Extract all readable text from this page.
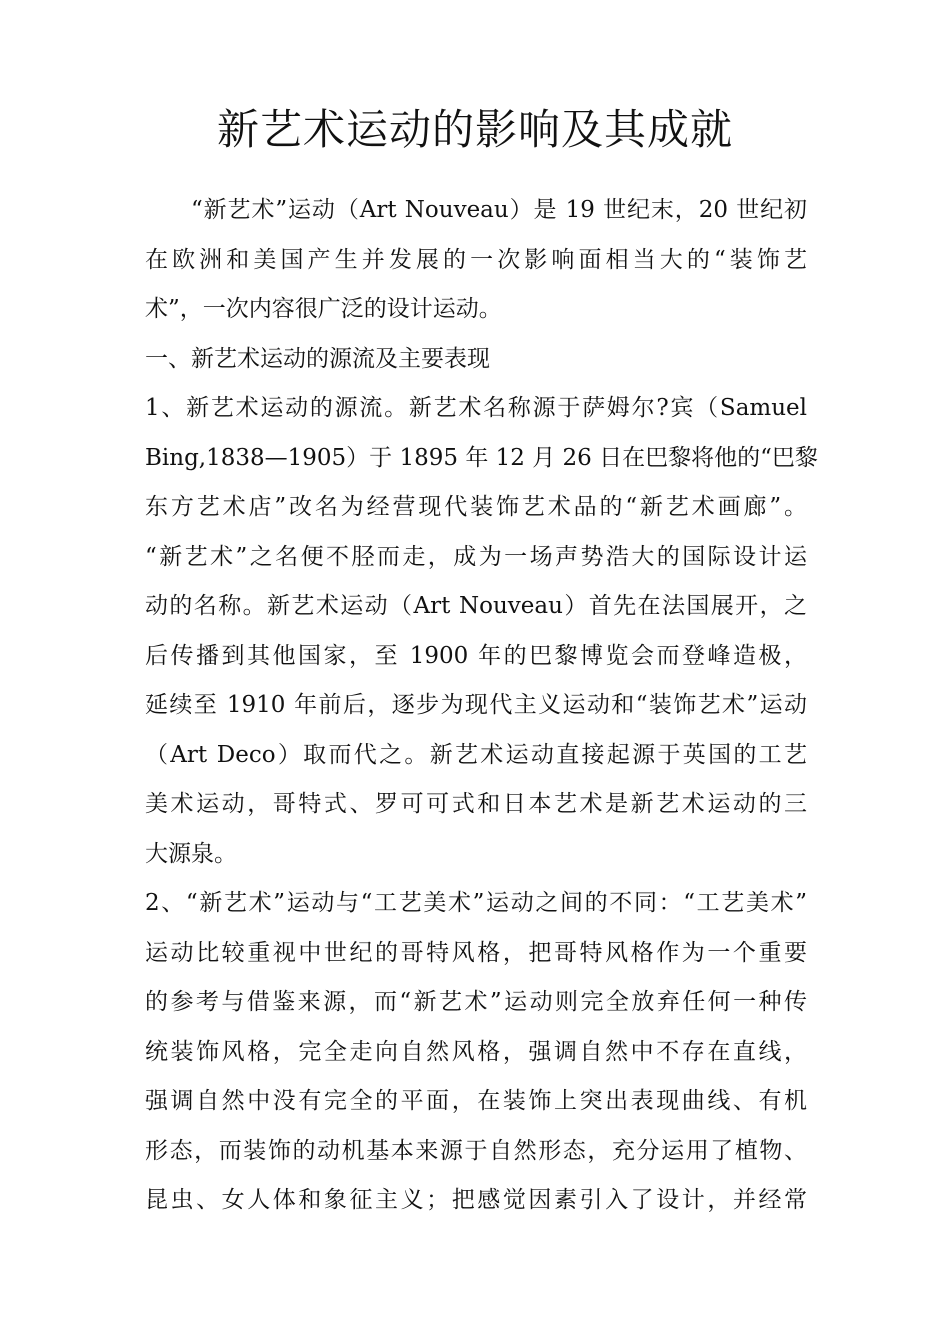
新艺术运动的影响及其成就
“新艺术”运动（Art Nouveau）是 19 世纪末，20 世纪初
在欧洲和美国产生并发展的一次影响面相当大的“装饰艺
术”，一次内容很广泛的设计运动。
一、新艺术运动的源流及主要表现
1、新艺术运动的源流。新艺术名称源于萨姆尔?宾（Samuel
Bing,1838—1905）于 1895 年 12 月 26 日在巴黎将他的“巴黎
东方艺术店”改名为经营现代装饰艺术品的“新艺术画廊”。
“新艺术”之名便不胫而走，成为一场声势浩大的国际设计运
动的名称。新艺术运动（Art Nouveau）首先在法国展开，之
后传播到其他国家，至 1900 年的巴黎博览会而登峰造极，
延续至 1910 年前后，逐步为现代主义运动和“装饰艺术”运动
（Art Deco）取而代之。新艺术运动直接起源于英国的工艺
美术运动，哥特式、罗可可式和日本艺术是新艺术运动的三
大源泉。
2、“新艺术”运动与“工艺美术”运动之间的不同：“工艺美术”
运动比较重视中世纪的哥特风格，把哥特风格作为一个重要
的参考与借鉴来源，而“新艺术”运动则完全放弃任何一种传
统装饰风格，完全走向自然风格，强调自然中不存在直线，
强调自然中没有完全的平面，在装饰上突出表现曲线、有机
形态，而装饰的动机基本来源于自然形态，充分运用了植物、
昆虫、女人体和象征主义；把感觉因素引入了设计，并经常
